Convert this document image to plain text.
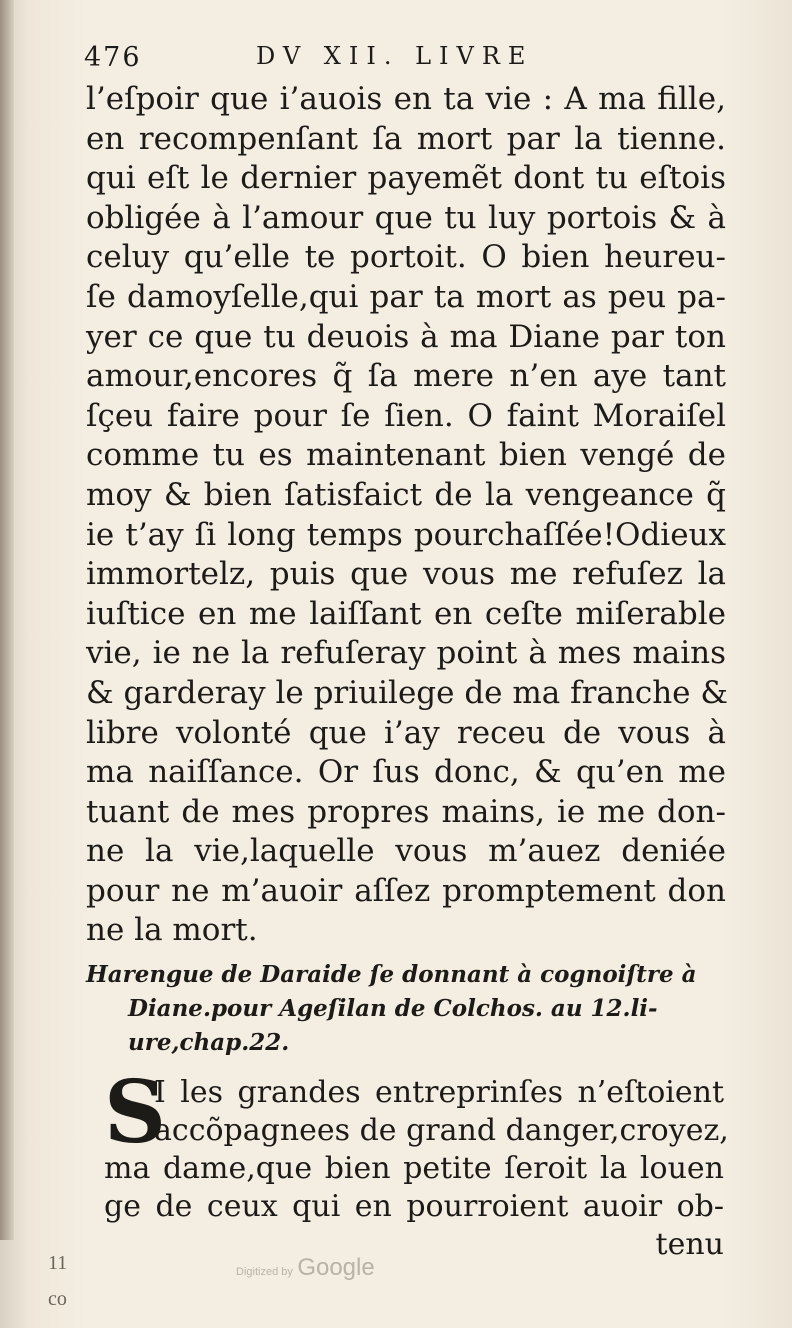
476	DV XII. LIVRE
l’eſpoir que i’auois en ta vie : A ma fille,
en recompenſant ſa mort par la tienne.
qui eſt le dernier payemẽt dont tu eſtois
obligée à l’amour que tu luy portois & à
celuy qu’elle te portoit. O bien heureu-
ſe damoyſelle,qui par ta mort as peu pa-
yer ce que tu deuois à ma Diane par ton
amour,encores q̃ ſa mere n’en aye tant
ſçeu faire pour ſe ſien. O faint Moraiſel
comme tu es maintenant bien vengé de
moy & bien ſatisfaict de la vengeance q̃
ie t’ay ſi long temps pourchaſſée!Odieux
immortelz, puis que vous me refuſez la
iuſtice en me laiſſant en ceſte miſerable
vie, ie ne la refuſeray point à mes mains
& garderay le priuilege de ma franche &
libre volonté que i’ay receu de vous à
ma naiſſance. Or ſus donc, & qu’en me
tuant de mes propres mains, ie me don-
ne la vie,laquelle vous m’auez deniée
pour ne m’auoir aſſez promptement don
ne la mort.
Harengue de Daraide ſe donnant à cognoiſtre à
Diane.pour Ageſilan de Colchos. au 12.li-
ure,chap.22.
S
I les grandes entreprinſes n’eſtoient
accõpagnees de grand danger,croyez,
ma dame,que bien petite ſeroit la louen
ge de ceux qui en pourroient auoir ob-
tenu
Digitized by Google
11
co
